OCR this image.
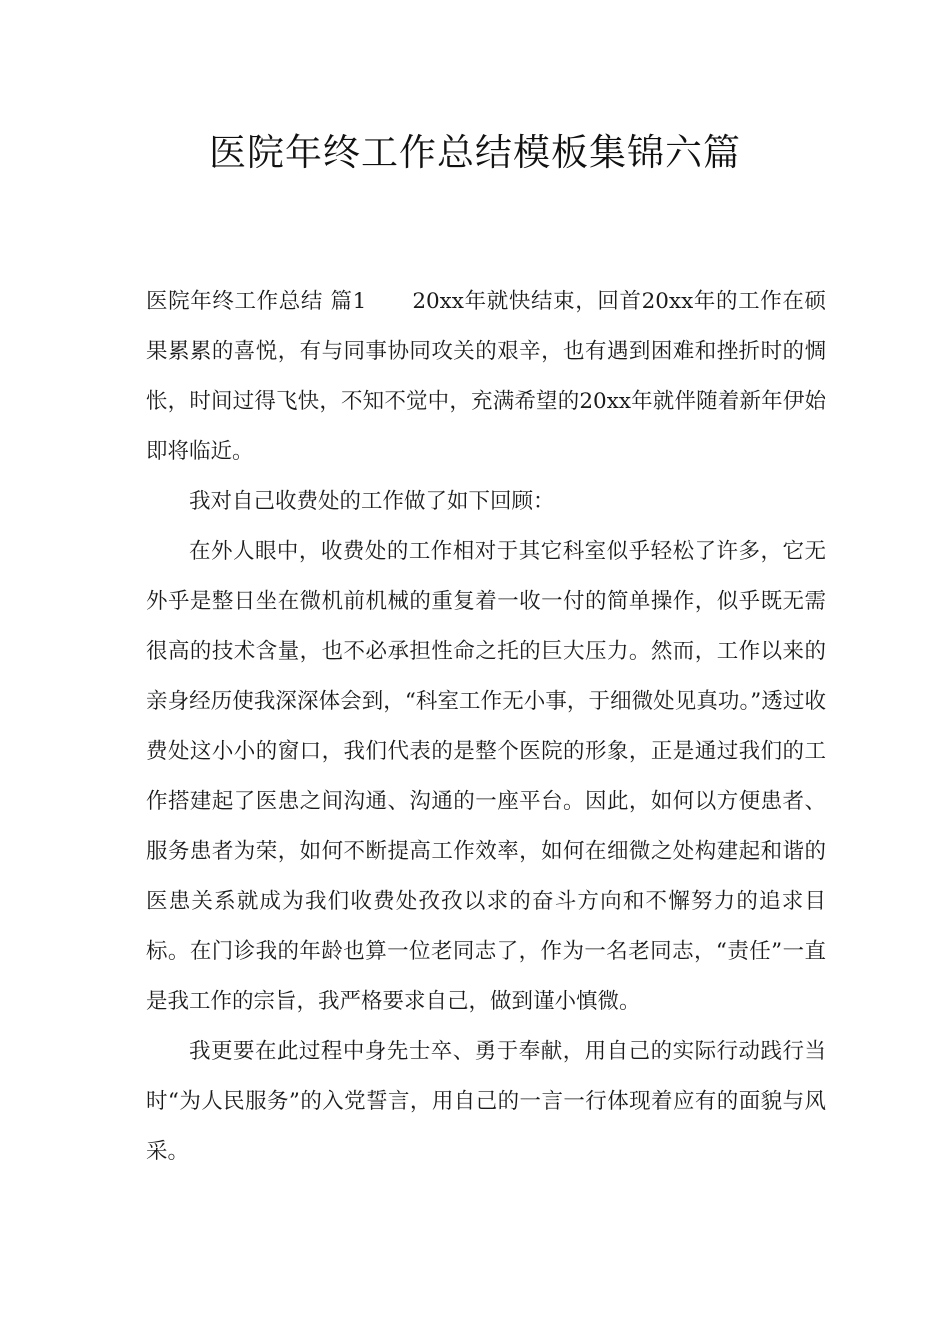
医院年终工作总结模板集锦六篇

医院年终工作总结 篇1 20xx年就快结束，回首20xx年的工作在硕果累累的喜悦，有与同事协同攻关的艰辛，也有遇到困难和挫折时的惆怅，时间过得飞快，不知不觉中，充满希望的20xx年就伴随着新年伊始即将临近。

我对自己收费处的工作做了如下回顾：

在外人眼中，收费处的工作相对于其它科室似乎轻松了许多，它无外乎是整日坐在微机前机械的重复着一收一付的简单操作，似乎既无需很高的技术含量，也不必承担性命之托的巨大压力。然而，工作以来的亲身经历使我深深体会到，“科室工作无小事，于细微处见真功。”透过收费处这小小的窗口，我们代表的是整个医院的形象，正是通过我们的工作搭建起了医患之间沟通、沟通的一座平台。因此，如何以方便患者、服务患者为荣，如何不断提高工作效率，如何在细微之处构建起和谐的医患关系就成为我们收费处孜孜以求的奋斗方向和不懈努力的追求目标。在门诊我的年龄也算一位老同志了，作为一名老同志，“责任”一直是我工作的宗旨，我严格要求自己，做到谨小慎微。

我更要在此过程中身先士卒、勇于奉献，用自己的实际行动践行当时“为人民服务”的入党誓言，用自己的一言一行体现着应有的面貌与风采。
